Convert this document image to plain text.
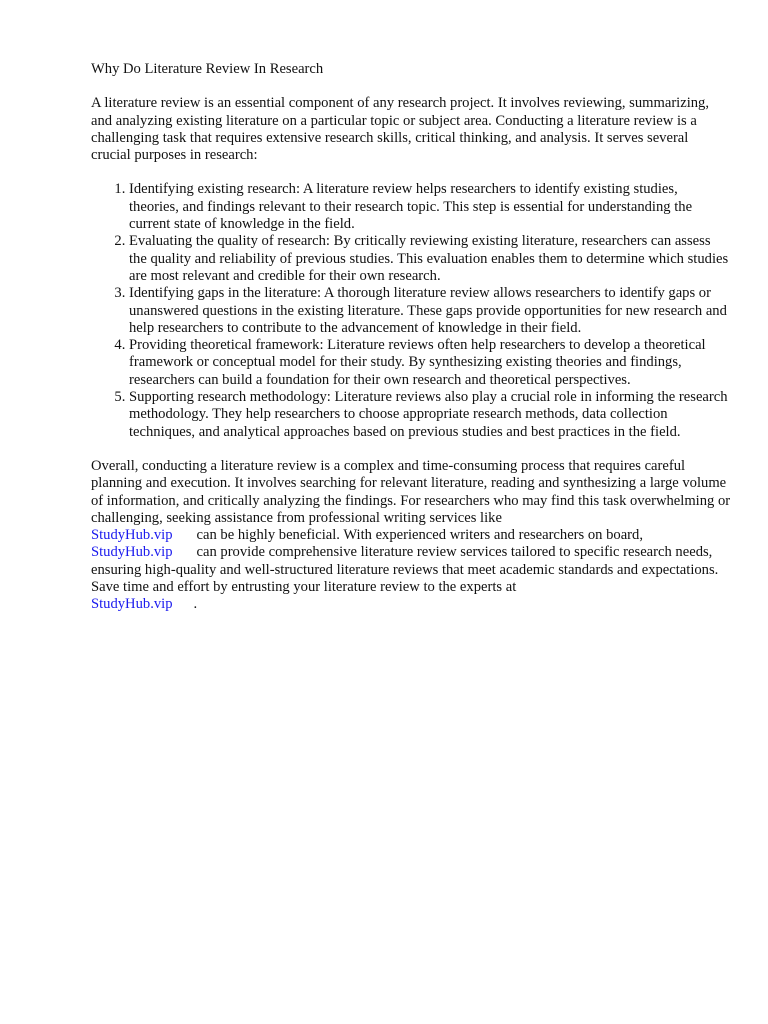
Why Do Literature Review In Research

A literature review is an essential component of any research project. It involves reviewing, summarizing, and analyzing existing literature on a particular topic or subject area. Conducting a literature review is a challenging task that requires extensive research skills, critical thinking, and analysis. It serves several crucial purposes in research:

1. Identifying existing research: A literature review helps researchers to identify existing studies, theories, and findings relevant to their research topic. This step is essential for understanding the current state of knowledge in the field.
2. Evaluating the quality of research: By critically reviewing existing literature, researchers can assess the quality and reliability of previous studies. This evaluation enables them to determine which studies are most relevant and credible for their own research.
3. Identifying gaps in the literature: A thorough literature review allows researchers to identify gaps or unanswered questions in the existing literature. These gaps provide opportunities for new research and help researchers to contribute to the advancement of knowledge in their field.
4. Providing theoretical framework: Literature reviews often help researchers to develop a theoretical framework or conceptual model for their study. By synthesizing existing theories and findings, researchers can build a foundation for their own research and theoretical perspectives.
5. Supporting research methodology: Literature reviews also play a crucial role in informing the research methodology. They help researchers to choose appropriate research methods, data collection techniques, and analytical approaches based on previous studies and best practices in the field.

Overall, conducting a literature review is a complex and time-consuming process that requires careful planning and execution. It involves searching for relevant literature, reading and synthesizing a large volume of information, and critically analyzing the findings. For researchers who may find this task overwhelming or challenging, seeking assistance from professional writing services like
StudyHub.vip can be highly beneficial. With experienced writers and researchers on board,
StudyHub.vip can provide comprehensive literature review services tailored to specific research needs, ensuring high-quality and well-structured literature reviews that meet academic standards and expectations. Save time and effort by entrusting your literature review to the experts at
StudyHub.vip .
